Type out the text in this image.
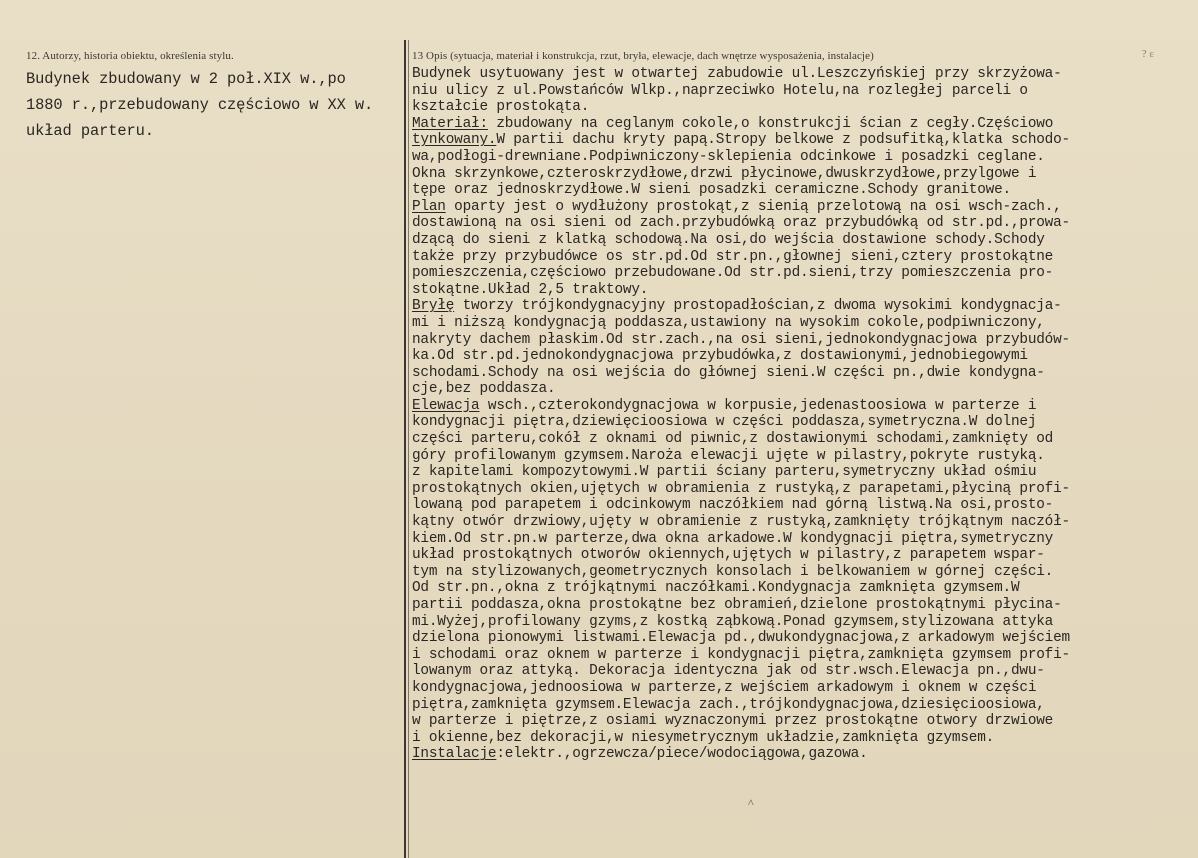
12. Autorzy, historia obiektu, określenia stylu.

Budynek zbudowany w 2 poł.XIX w.,po

1880 r.,przebudowany częściowo w XX w.

układ parteru.

13 Opis (sytuacja, materiał i konstrukcja, rzut, bryła, elewacje, dach wnętrze wysposażenia, instalacje)

Budynek usytuowany jest w otwartej zabudowie ul.Leszczyńskiej przy skrzyżowa-

niu ulicy z ul.Powstańców Wlkp.,naprzeciwko Hotelu,na rozległej parceli o

kształcie prostokąta.

Materiał: zbudowany na ceglanym cokole,o konstrukcji ścian z cegły.Częściowo

tynkowany.W partii dachu kryty papą.Stropy belkowe z podsufitką,klatka schodo-

wa,podłogi-drewniane.Podpiwniczony-sklepienia odcinkowe i posadzki ceglane.

Okna skrzynkowe,czteroskrzydłowe,drzwi płycinowe,dwuskrzydłowe,przylgowe i

tępe oraz jednoskrzydłowe.W sieni posadzki ceramiczne.Schody granitowe.

Plan oparty jest o wydłużony prostokąt,z sienią przelotową na osi wsch-zach.,

dostawioną na osi sieni od zach.przybudówką oraz przybudówką od str.pd.,prowa-

dzącą do sieni z klatką schodową.Na osi,do wejścia dostawione schody.Schody

także przy przybudówce os str.pd.Od str.pn.,głownej sieni,cztery prostokątne

pomieszczenia,częściowo przebudowane.Od str.pd.sieni,trzy pomieszczenia pro-

stokątne.Układ 2,5 traktowy.

Bryłę tworzy trójkondygnacyjny prostopadłościan,z dwoma wysokimi kondygnacja-

mi i niższą kondygnacją poddasza,ustawiony na wysokim cokole,podpiwniczony,

nakryty dachem płaskim.Od str.zach.,na osi sieni,jednokondygnacjowa przybudów-

ka.Od str.pd.jednokondygnacjowa przybudówka,z dostawionymi,jednobiegowymi

schodami.Schody na osi wejścia do głównej sieni.W części pn.,dwie kondygna-

cje,bez poddasza.

Elewacja wsch.,czterokondygnacjowa w korpusie,jedenastoosiowa w parterze i

kondygnacji piętra,dziewięcioosiowa w części poddasza,symetryczna.W dolnej

części parteru,cokół z oknami od piwnic,z dostawionymi schodami,zamknięty od

góry profilowanym gzymsem.Naroża elewacji ujęte w pilastry,pokryte rustyką.

z kapitelami kompozytowymi.W partii ściany parteru,symetryczny układ ośmiu

prostokątnych okien,ujętych w obramienia z rustyką,z parapetami,płyciną profi-

lowaną pod parapetem i odcinkowym naczółkiem nad górną listwą.Na osi,prosto-

kątny otwór drzwiowy,ujęty w obramienie z rustyką,zamknięty trójkątnym naczół-

kiem.Od str.pn.w parterze,dwa okna arkadowe.W kondygnacji piętra,symetryczny

układ prostokątnych otworów okiennych,ujętych w pilastry,z parapetem wspar-

tym na stylizowanych,geometrycznych konsolach i belkowaniem w górnej części.

Od str.pn.,okna z trójkątnymi naczółkami.Kondygnacja zamknięta gzymsem.W

partii poddasza,okna prostokątne bez obramień,dzielone prostokątnymi płycina-

mi.Wyżej,profilowany gzyms,z kostką ząbkową.Ponad gzymsem,stylizowana attyka

dzielona pionowymi listwami.Elewacja pd.,dwukondygnacjowa,z arkadowym wejściem

i schodami oraz oknem w parterze i kondygnacji piętra,zamknięta gzymsem profi-

lowanym oraz attyką. Dekoracja identyczna jak od str.wsch.Elewacja pn.,dwu-

kondygnacjowa,jednoosiowa w parterze,z wejściem arkadowym i oknem w części

piętra,zamknięta gzymsem.Elewacja zach.,trójkondygnacjowa,dziesięcioosiowa,

w parterze i piętrze,z osiami wyznaczonymi przez prostokątne otwory drzwiowe

i okienne,bez dekoracji,w niesymetrycznym układzie,zamknięta gzymsem.

Instalacje:elektr.,ogrzewcza/piece/wodociągowa,gazowa.

? ε
^
